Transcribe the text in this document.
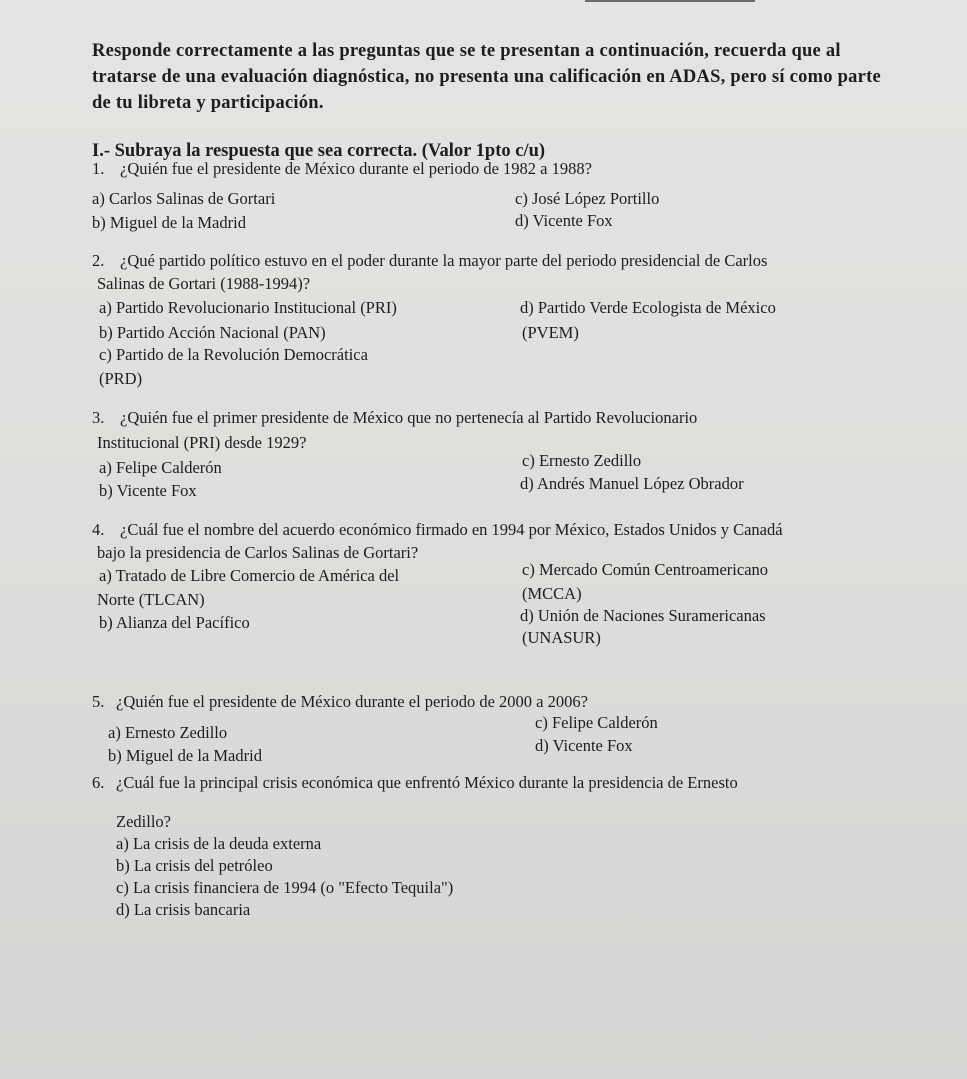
Responde correctamente a las preguntas que se te presentan a continuación, recuerda que al tratarse de una evaluación diagnóstica, no presenta una calificación en ADAS, pero sí como parte de tu libreta y participación.
I.- Subraya la respuesta que sea correcta. (Valor 1pto c/u)
1. ¿Quién fue el presidente de México durante el periodo de 1982 a 1988?
a) Carlos Salinas de Gortari
b) Miguel de la Madrid
c) José López Portillo
d) Vicente Fox
2. ¿Qué partido político estuvo en el poder durante la mayor parte del periodo presidencial de Carlos
Salinas de Gortari (1988-1994)?
a) Partido Revolucionario Institucional (PRI)
b) Partido Acción Nacional (PAN)
c) Partido de la Revolución Democrática
(PRD)
d) Partido Verde Ecologista de México
(PVEM)
3. ¿Quién fue el primer presidente de México que no pertenecía al Partido Revolucionario
Institucional (PRI) desde 1929?
a) Felipe Calderón
b) Vicente Fox
c) Ernesto Zedillo
d) Andrés Manuel López Obrador
4. ¿Cuál fue el nombre del acuerdo económico firmado en 1994 por México, Estados Unidos y Canadá
bajo la presidencia de Carlos Salinas de Gortari?
a) Tratado de Libre Comercio de América del
Norte (TLCAN)
b) Alianza del Pacífico
c) Mercado Común Centroamericano
(MCCA)
d) Unión de Naciones Suramericanas
(UNASUR)
5. ¿Quién fue el presidente de México durante el periodo de 2000 a 2006?
a) Ernesto Zedillo
b) Miguel de la Madrid
c) Felipe Calderón
d) Vicente Fox
6. ¿Cuál fue la principal crisis económica que enfrentó México durante la presidencia de Ernesto
Zedillo?
a) La crisis de la deuda externa
b) La crisis del petróleo
c) La crisis financiera de 1994 (o "Efecto Tequila")
d) La crisis bancaria
